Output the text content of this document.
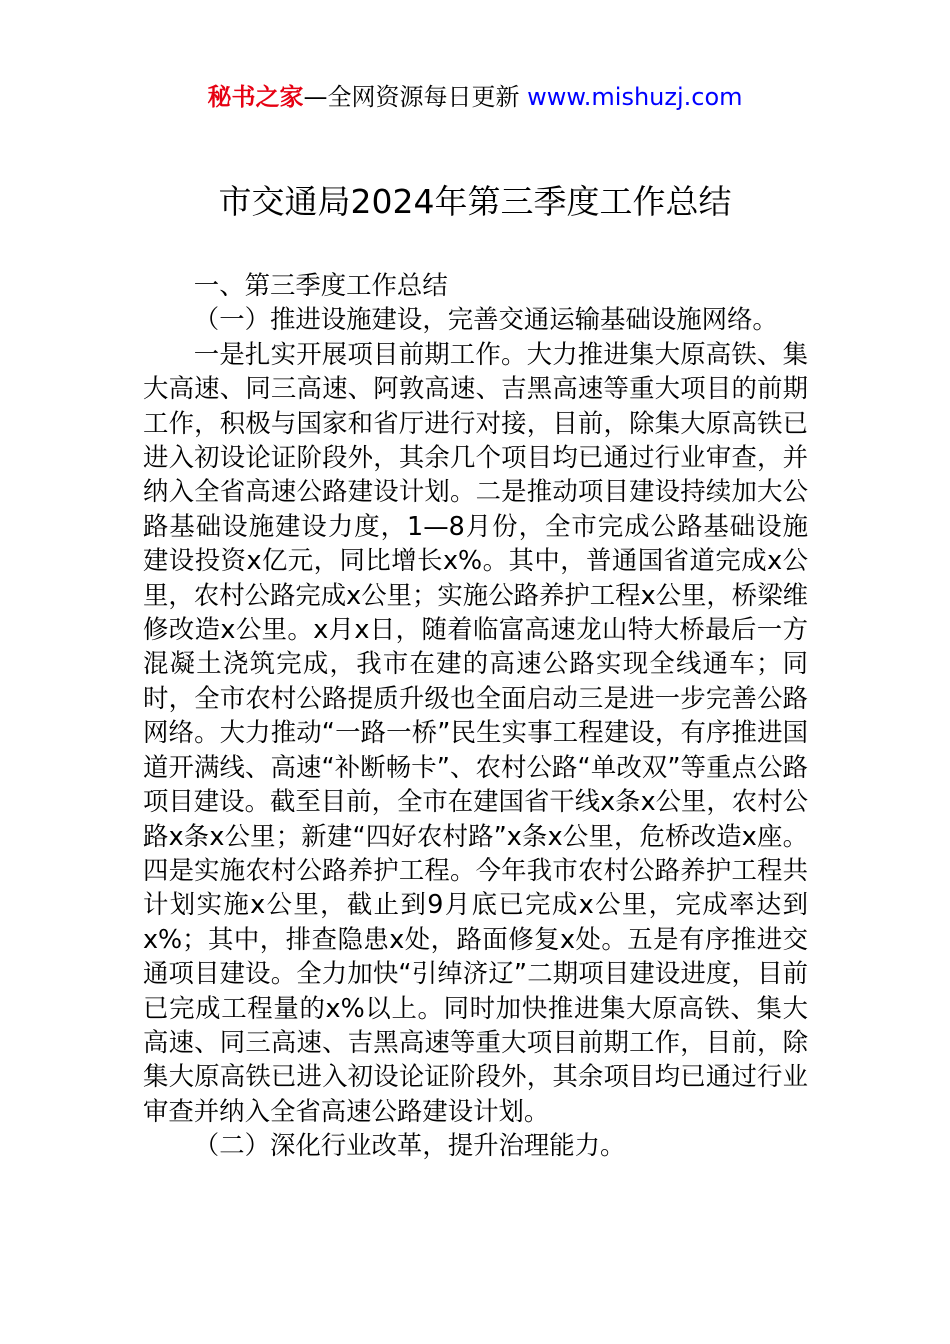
秘书之家—全网资源每日更新 www.mishuzj.com
市交通局2024年第三季度工作总结

一、第三季度工作总结

（一）推进设施建设，完善交通运输基础设施网络。

一是扎实开展项目前期工作。大力推进集大原高铁、集大高速、同三高速、阿敦高速、吉黑高速等重大项目的前期工作，积极与国家和省厅进行对接，目前，除集大原高铁已进入初设论证阶段外，其余几个项目均已通过行业审查，并纳入全省高速公路建设计划。二是推动项目建设持续加大公路基础设施建设力度，1—8月份，全市完成公路基础设施建设投资x亿元，同比增长x%。其中，普通国省道完成x公里，农村公路完成x公里；实施公路养护工程x公里，桥梁维修改造x公里。x月x日，随着临富高速龙山特大桥最后一方混凝土浇筑完成，我市在建的高速公路实现全线通车；同时，全市农村公路提质升级也全面启动三是进一步完善公路网络。大力推动“一路一桥”民生实事工程建设，有序推进国道开满线、高速“补断畅卡”、农村公路“单改双”等重点公路项目建设。截至目前，全市在建国省干线x条x公里，农村公路x条x公里；新建“四好农村路”x条x公里，危桥改造x座。四是实施农村公路养护工程。今年我市农村公路养护工程共计划实施x公里，截止到9月底已完成x公里，完成率达到x%；其中，排查隐患x处，路面修复x处。五是有序推进交通项目建设。全力加快“引绰济辽”二期项目建设进度，目前已完成工程量的x%以上。同时加快推进集大原高铁、集大高速、同三高速、吉黑高速等重大项目前期工作，目前，除集大原高铁已进入初设论证阶段外，其余项目均已通过行业审查并纳入全省高速公路建设计划。

（二）深化行业改革，提升治理能力。
